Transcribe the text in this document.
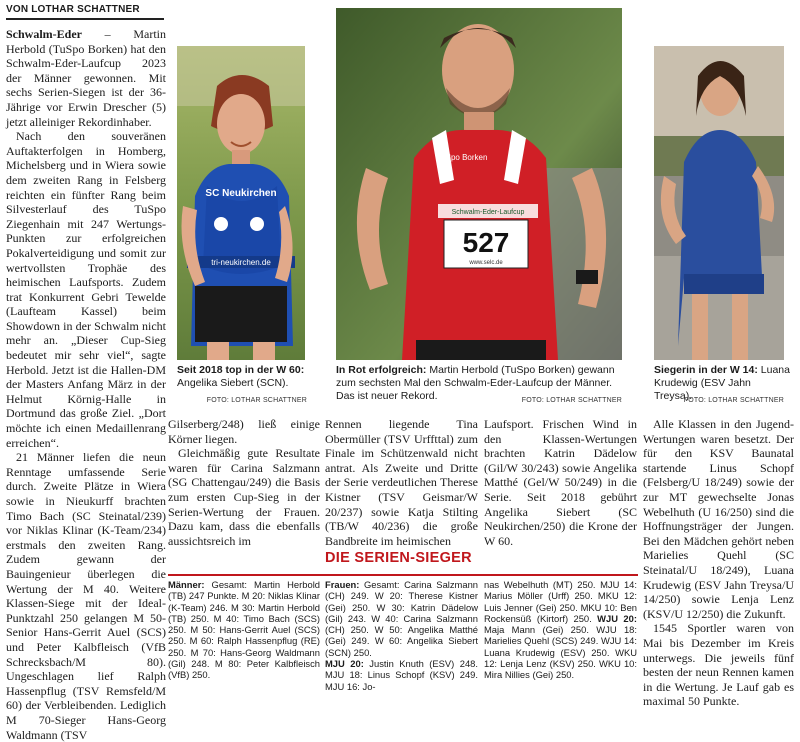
VON LOTHAR SCHATTNER

Schwalm-Eder – Martin Herbold (TuSpo Borken) hat den Schwalm-Eder-Laufcup 2023 der Männer gewonnen. Mit sechs Serien-Siegen ist der 36-Jährige vor Erwin Drescher (5) jetzt alleiniger Rekordinhaber.

Nach den souveränen Auftakterfolgen in Homberg, Michelsberg und in Wiera sowie dem zweiten Rang in Felsberg reichten ein fünfter Rang beim Silvesterlauf des TuSpo Ziegenhain mit 247 Wertungs-Punkten zur erfolgreichen Pokalverteidigung und somit zur wertvollsten Trophäe des heimischen Laufsports. Zudem trat Konkurrent Gebri Tewelde (Laufteam Kassel) beim Showdown in der Schwalm nicht mehr an. „Dieser Cup-Sieg bedeutet mir sehr viel“, sagte Herbold. Jetzt ist die Hallen-DM der Masters Anfang März in der Helmut Körnig-Halle in Dortmund das große Ziel. „Dort möchte ich einen Medaillenrang erreichen“.

21 Männer liefen die neun Renntage umfassende Serie durch. Zweite Plätze in Wiera sowie in Nieukurff brachten Timo Bach (SC Steinatal/239) vor Niklas Klinar (K-Team/234) erstmals den zweiten Rang. Zudem gewann der Bauingenieur überlegen die Wertung der M 40. Weitere Klassen-Siege mit der Ideal-Punktzahl 250 gelangen M 50-Senior Hans-Gerrit Auel (SCS) und Peter Kalbfleisch (VfB Schrecksbach/M 80). Ungeschlagen lief Ralph Hassenpflug (TSV Remsfeld/M 60) der Verbleibenden. Lediglich M 70-Sieger Hans-Georg Waldmann (TSV

SC Neukirchen
tri-neukirchen.de
Seit 2018 top in der W 60: Angelika Siebert (SCN).
FOTO: LOTHAR SCHATTNER
TuSpo Borken
Schwalm-Eder-Laufcup
527
www.selc.de
In Rot erfolgreich: Martin Herbold (TuSpo Borken) gewann zum sechsten Mal den Schwalm-Eder-Laufcup der Männer. Das ist neuer Rekord.	FOTO: LOTHAR SCHATTNER
Siegerin in der W 14: Luana Krudewig (ESV Jahn Treysa).
FOTO: LOTHAR SCHATTNER

Gilserberg/248) ließ einige Körner liegen.

Gleichmäßig gute Resultate waren für Carina Salzmann (SG Chattengau/249) die Basis zum ersten Cup-Sieg in der Serien-Wertung der Frauen. Dazu kam, dass die ebenfalls aussichtsreich im

Rennen liegende Tina Obermüller (TSV Urffttal) zum Finale im Schützenwald nicht antrat. Als Zweite und Dritte der Serie verdeutlichen Therese Kistner (TSV Geismar/W 20/237) sowie Katja Stilting (TB/W 40/236) die große Bandbreite im heimischen

Laufsport. Frischen Wind in den Klassen-Wertungen brachten Katrin Dädelow (Gil/W 30/243) sowie Angelika Matthé (Gel/W 50/249) in die Serie. Seit 2018 gebührt Angelika Siebert (SC Neukirchen/250) die Krone der W 60.

Alle Klassen in den Jugend-Wertungen waren besetzt. Der für den KSV Baunatal startende Linus Schopf (Felsberg/U 18/249) sowie der zur MT gewechselte Jonas Webelhuth (U 16/250) sind die Hoffnungsträger der Jungen. Bei den Mädchen gehört neben Marielies Quehl (SC Steinatal/U 18/249), Luana Krudewig (ESV Jahn Treysa/U 14/250) sowie Lenja Lenz (KSV/U 12/250) die Zukunft.

1545 Sportler waren von Mai bis Dezember im Kreis unterwegs. Die jeweils fünf besten der neun Rennen kamen in die Wertung. Je Lauf gab es maximal 50 Punkte.

DIE SERIEN-SIEGER
Männer: Gesamt: Martin Herbold (TB) 247 Punkte. M 20: Niklas Klinar (K-Team) 246. M 30: Martin Herbold (TB) 250. M 40: Timo Bach (SCS) 250. M 50: Hans-Gerrit Auel (SCS) 250. M 60: Ralph Hassenpflug (RE) 250. M 70: Hans-Georg Waldmann (Gil) 248. M 80: Peter Kalbfleisch (VfB) 250.
Frauen: Gesamt: Carina Salzmann (CH) 249. W 20: Therese Kistner (Gei) 250. W 30: Katrin Dädelow (Gil) 243. W 40: Carina Salzmann (CH) 250. W 50: Angelika Matthé (Gei) 249. W 60: Angelika Siebert (SCN) 250.
MJU 20: Justin Knuth (ESV) 248. MJU 18: Linus Schopf (KSV) 249. MJU 16: Jo-
nas Webelhuth (MT) 250. MJU 14: Marius Möller (Urff) 250. MKU 12: Luis Jenner (Gei) 250. MKU 10: Ben Rockensüß (Kirtorf) 250. WJU 20: Maja Mann (Gei) 250. WJU 18: Marielies Quehl (SCS) 249. WJU 14: Luana Krudewig (ESV) 250. WKU 12: Lenja Lenz (KSV) 250. WKU 10: Mira Nillies (Gei) 250.
